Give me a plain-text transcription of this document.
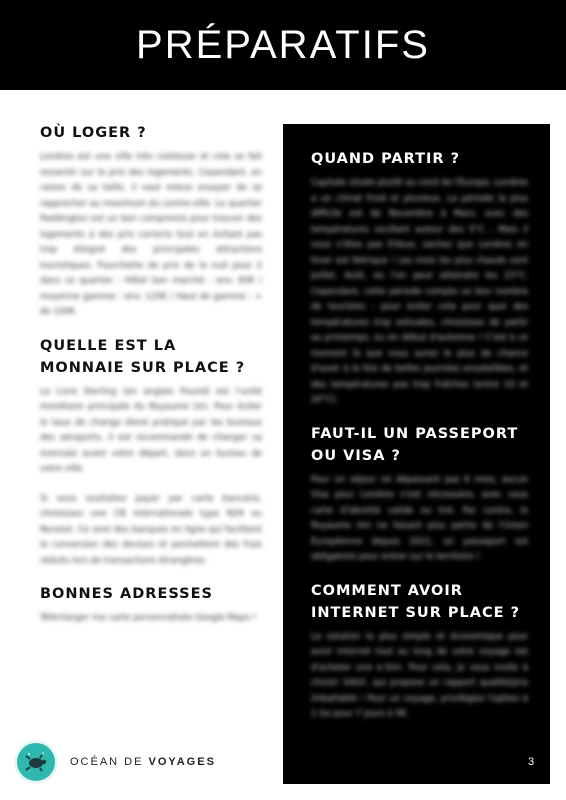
PRÉPARATIFS
OÙ LOGER ?

Londres est une ville très coûteuse et cela se fait ressentir sur le prix des logements. Cependant, en raison de sa taille, il vaut mieux essayer de se rapprocher au maximum du centre-ville. Le quartier Paddington est un bon compromis pour trouver des logements à des prix corrects tout en évitant pas trop éloigné des principales attractions touristiques. Fourchette de prix de la nuit pour 2 dans ce quartier : Hôtel bon marché : env. 85€ / moyenne gamme : env. 125€ / Haut de gamme : + de 150€.

QUELLE EST LA MONNAIE SUR PLACE ?

La Livre Sterling (en anglais Pound) est l'unité monétaire principale du Royaume Uni. Pour éviter le taux de change élevé pratiqué par les bureaux des aéroports, il est recommandé de changer sa monnaie avant votre départ, dans un bureau de votre ville.

Si vous souhaitez payer par carte bancaire, choisissez une CB internationale type N26 ou Revolut. Ce sont des banques en ligne qui facilitent la conversion des devises et permettent des frais réduits lors de transactions étrangères

BONNES ADRESSES

Télécharger ma carte personnalisée Google Maps !

QUAND PARTIR ?

Capitale située plutôt au nord de l'Europe, Londres a un climat froid et pluvieux. La période la plus difficile est de Novembre à Mars, avec des températures oscillant autour des 5°C : Mais il vous n'êtes pas frileux, sachez que Londres en hiver est féérique ! Les mois les plus chauds sont Juillet, Août, où l'on peut atteindre les 23°C. Cependant, cette période compte un bon nombre de touristes : pour éviter cela pour quoi des températures trop estivales, choisissez de partir au printemps, ou en début d'automne ! C'est à ce moment là que vous aurez le plus de chance d'avoir à la fois de belles journées ensoleillées, et des températures pas trop fraîches (entre 10 et 20°C).

FAUT-IL UN PASSEPORT OU VISA ?

Pour un séjour ne dépassant pas 6 mois, aucun Visa pour Londres n'est nécessaire, avec vous carte d'identité valide ou tiré. Par contre, le Royaume Uni ne faisant plus partie de l'Union Européenne depuis 2021, un passeport est obligatoire pour entrer sur le territoire !

COMMENT AVOIR INTERNET SUR PLACE ?

La solution la plus simple et économique pour avoir internet tout au long de votre voyage est d'acheter une e-Sim. Pour cela, je vous invite à choisir SAILY, qui propose un rapport qualité/prix imbattable ! Pour un voyage, privilégiez l'option à 1 Go pour 7 jours à 5€.

OCÉAN DE VOYAGES	3
